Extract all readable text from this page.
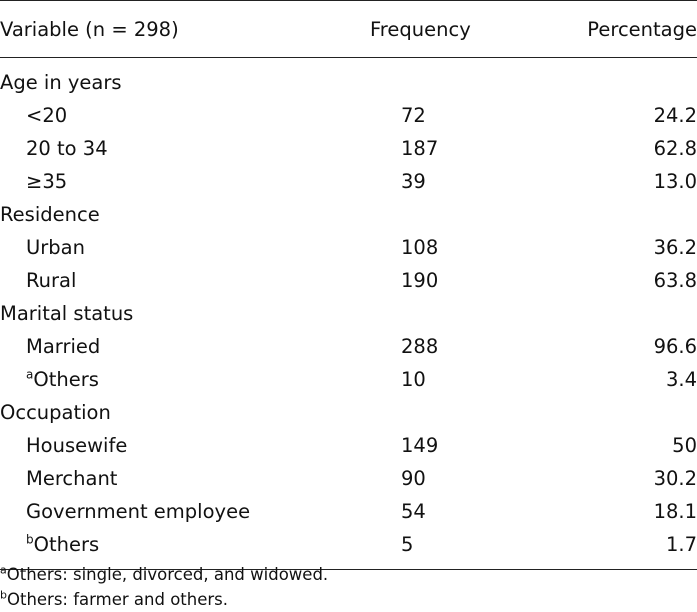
Variable (n = 298)	Frequency	Percentage
Age in years		
<20	72	24.2
20 to 34	187	62.8
≥35	39	13.0
Residence		
Urban	108	36.2
Rural	190	63.8
Marital status		
Married	288	96.6
$^a$Others	10	3.4
Occupation		
Housewife	149	50
Merchant	90	30.2
Government employee	54	18.1
$^b$Others	5	1.7
$^a$Others: single, divorced, and widowed.
$^b$Others: farmer and others.
